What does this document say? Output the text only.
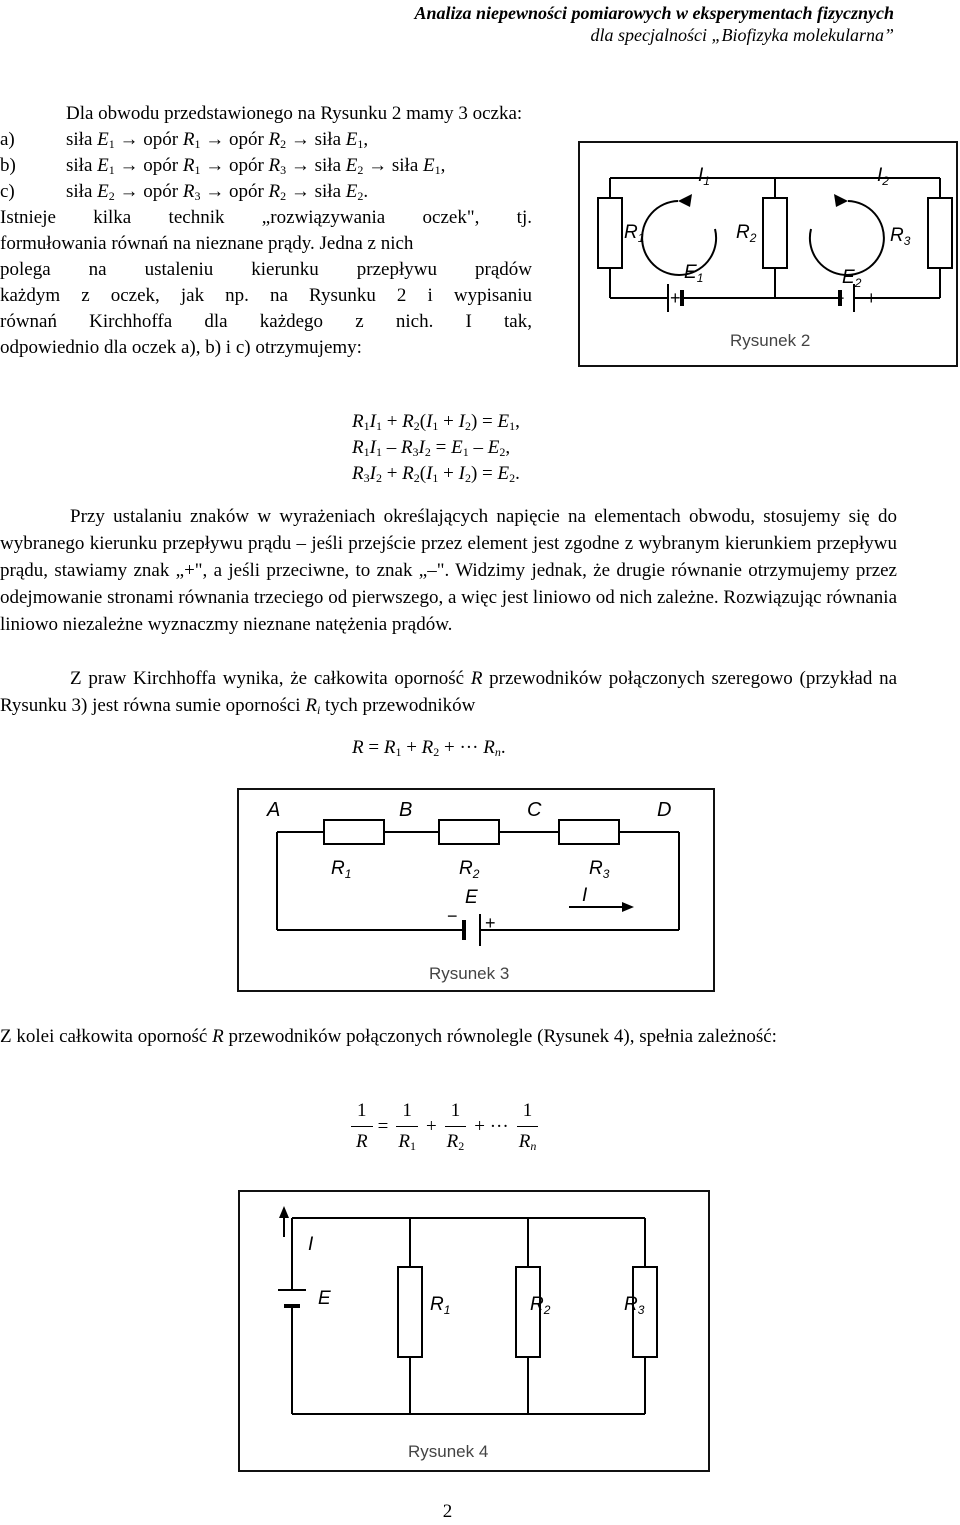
Analiza niepewności pomiarowych w eksperymentach fizycznych
dla specjalności „Biofizyka molekularna”
Dla obwodu przedstawionego na Rysunku 2 mamy 3 oczka:
a)	siła $E_1$ → opór $R_1$ → opór $R_2$ → siła $E_1$,
b)	siła $E_1$ → opór $R_1$ → opór $R_3$ → siła $E_2$ → siła $E_1$,
c)	siła $E_2$ → opór $R_3$ → opór $R_2$ → siła $E_2$.
Istnieje kilka technik „rozwiązywania oczek", tj.
formułowania równań na nieznane prądy. Jedna z nich
polega na ustaleniu kierunku przepływu prądów
każdym z oczek, jak np. na Rysunku 2 i wypisaniu
równań Kirchhoffa dla każdego z nich. I tak,
odpowiednio dla oczek a), b) i c) otrzymujemy:
$R_1$	$R_2$	$R_3$
$I_1$	$I_2$
$E_1$	$E_2$
+ −	− +
Rysunek 2
$R_1I_1 + R_2(I_1 + I_2) = E_1$,
$R_1I_1 - R_3I_2 = E_1 - E_2$,
$R_3I_2 + R_2(I_1 + I_2) = E_2$.
Przy ustalaniu znaków w wyrażeniach określających napięcie na elementach obwodu, stosujemy się do wybranego kierunku przepływu prądu – jeśli przejście przez element jest zgodne z wybranym kierunkiem przepływu prądu, stawiamy znak „+", a jeśli przeciwne, to znak „–". Widzimy jednak, że drugie równanie otrzymujemy przez odejmowanie stronami równania trzeciego od pierwszego, a więc jest liniowo od nich zależne. Rozwiązując równania liniowo niezależne wyznaczmy nieznane natężenia prądów.
Z praw Kirchhoffa wynika, że całkowita oporność R przewodników połączonych szeregowo (przykład na Rysunku 3) jest równa sumie oporności $R_i$ tych przewodników
$R = R_1 + R_2$ + ··· $R_n$.
A	B	C	D
$R_1$	$R_2$	$R_3$
E	I
− +
Rysunek 3
Z kolei całkowita oporność R przewodników połączonych równolegle (Rysunek 4), spełnia zależność:
$\frac{1}{R} = \frac{1}{R_1} + \frac{1}{R_2}$ + ··· $\frac{1}{R_n}$
I
E	$R_1$	$R_2$	$R_3$
Rysunek 4
2
